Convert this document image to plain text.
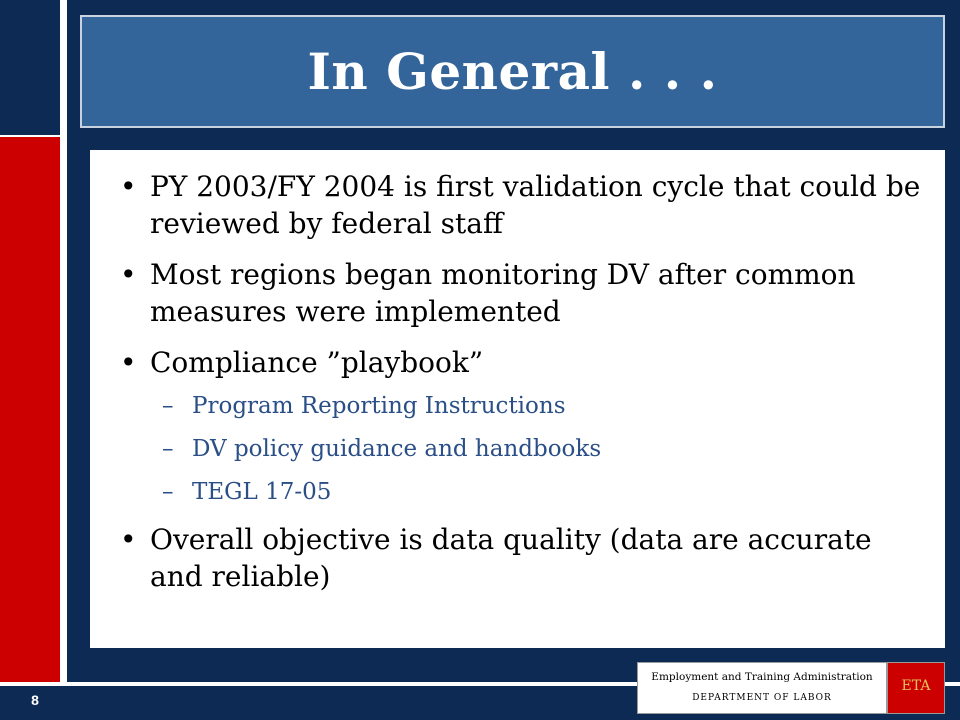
In General . . .
• PY 2003/FY 2004 is first validation cycle that could be reviewed by federal staff
• Most regions began monitoring DV after common measures were implemented
• Compliance ”playbook”
– Program Reporting Instructions
– DV policy guidance and handbooks
– TEGL 17-05
• Overall objective is data quality (data are accurate and reliable)
8
Employment and Training Administration
DEPARTMENT OF LABOR
ETA
